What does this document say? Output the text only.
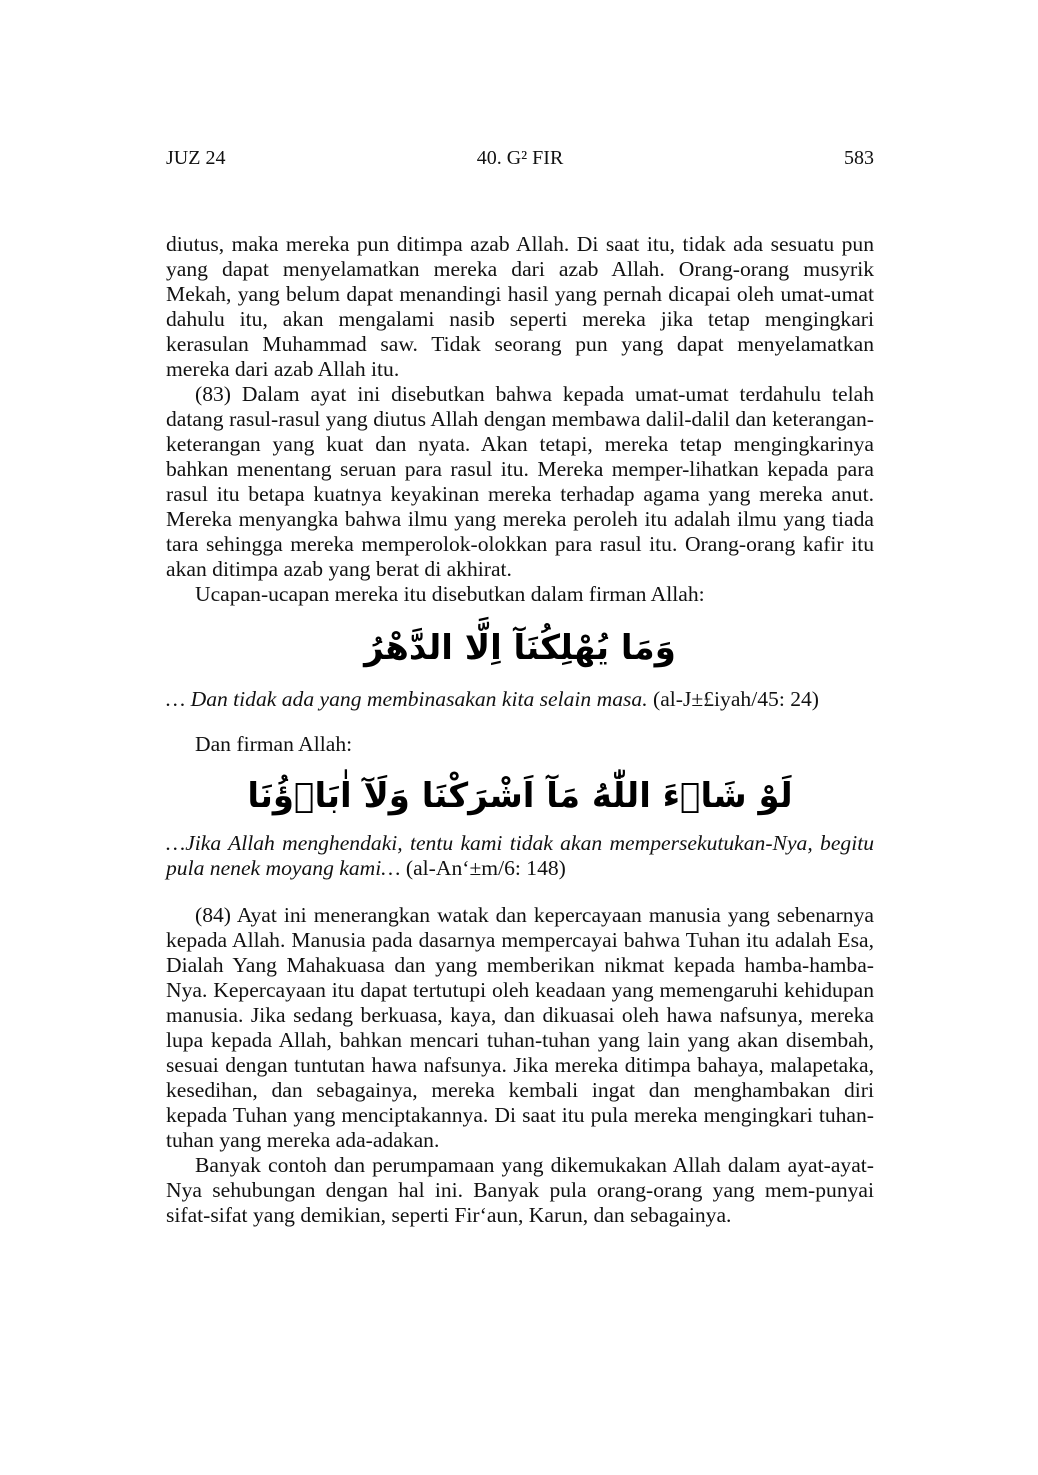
JUZ 24	40. G² FIR	583

diutus, maka mereka pun ditimpa azab Allah. Di saat itu, tidak ada sesuatu pun yang dapat menyelamatkan mereka dari azab Allah. Orang-orang musyrik Mekah, yang belum dapat menandingi hasil yang pernah dicapai oleh umat-umat dahulu itu, akan mengalami nasib seperti mereka jika tetap mengingkari kerasulan Muhammad saw. Tidak seorang pun yang dapat menyelamatkan mereka dari azab Allah itu.

(83) Dalam ayat ini disebutkan bahwa kepada umat-umat terdahulu telah datang rasul-rasul yang diutus Allah dengan membawa dalil-dalil dan keterangan-keterangan yang kuat dan nyata. Akan tetapi, mereka tetap mengingkarinya bahkan menentang seruan para rasul itu. Mereka memper-lihatkan kepada para rasul itu betapa kuatnya keyakinan mereka terhadap agama yang mereka anut. Mereka menyangka bahwa ilmu yang mereka peroleh itu adalah ilmu yang tiada tara sehingga mereka memperolok-olokkan para rasul itu. Orang-orang kafir itu akan ditimpa azab yang berat di akhirat.

Ucapan-ucapan mereka itu disebutkan dalam firman Allah:

وَمَا يُهْلِكُنَآ اِلَّا الدَّهْرُ

… Dan tidak ada yang membinasakan kita selain masa. (al-J±£iyah/45: 24)

Dan firman Allah:

لَوْ شَاۤءَ اللّٰهُ مَآ اَشْرَكْنَا وَلَآ اٰبَاۤؤُنَا

…Jika Allah menghendaki, tentu kami tidak akan mempersekutukan-Nya, begitu pula nenek moyang kami… (al-An‘±m/6: 148)

(84) Ayat ini menerangkan watak dan kepercayaan manusia yang sebenarnya kepada Allah. Manusia pada dasarnya mempercayai bahwa Tuhan itu adalah Esa, Dialah Yang Mahakuasa dan yang memberikan nikmat kepada hamba-hamba-Nya. Kepercayaan itu dapat tertutupi oleh keadaan yang memengaruhi kehidupan manusia. Jika sedang berkuasa, kaya, dan dikuasai oleh hawa nafsunya, mereka lupa kepada Allah, bahkan mencari tuhan-tuhan yang lain yang akan disembah, sesuai dengan tuntutan hawa nafsunya. Jika mereka ditimpa bahaya, malapetaka, kesedihan, dan sebagainya, mereka kembali ingat dan menghambakan diri kepada Tuhan yang menciptakannya. Di saat itu pula mereka mengingkari tuhan-tuhan yang mereka ada-adakan.

Banyak contoh dan perumpamaan yang dikemukakan Allah dalam ayat-ayat-Nya sehubungan dengan hal ini. Banyak pula orang-orang yang mem-punyai sifat-sifat yang demikian, seperti Fir‘aun, Karun, dan sebagainya.
